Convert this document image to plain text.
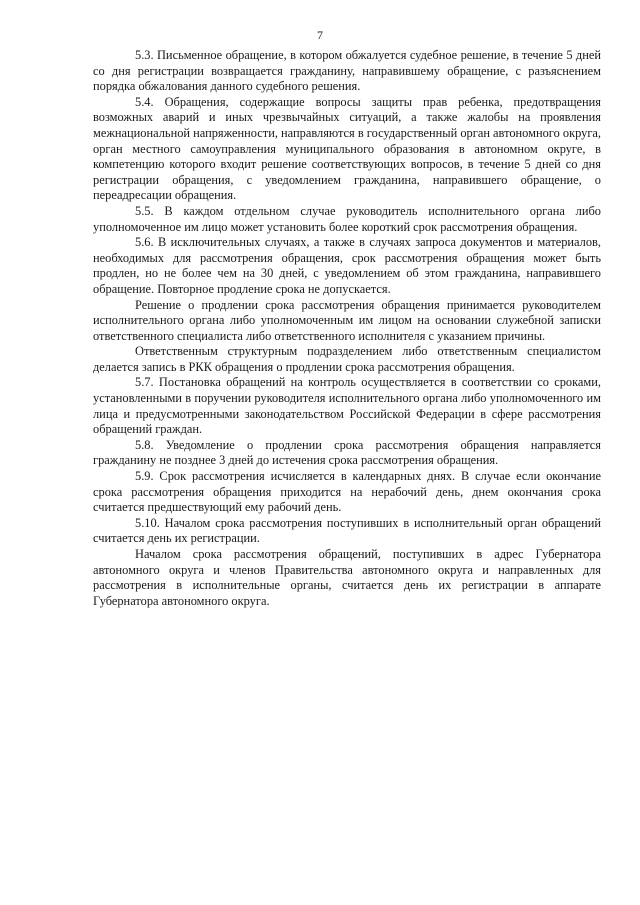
7

5.3. Письменное обращение, в котором обжалуется судебное решение, в течение 5 дней со дня регистрации возвращается гражданину, направившему обращение, с разъяснением порядка обжалования данного судебного решения.

5.4. Обращения, содержащие вопросы защиты прав ребенка, предотвращения возможных аварий и иных чрезвычайных ситуаций, а также жалобы на проявления межнациональной напряженности, направляются в государственный орган автономного округа, орган местного самоуправления муниципального образования в автономном округе, в компетенцию которого входит решение соответствующих вопросов, в течение 5 дней со дня регистрации обращения, с уведомлением гражданина, направившего обращение, о переадресации обращения.

5.5. В каждом отдельном случае руководитель исполнительного органа либо уполномоченное им лицо может установить более короткий срок рассмотрения обращения.

5.6. В исключительных случаях, а также в случаях запроса документов и материалов, необходимых для рассмотрения обращения, срок рассмотрения обращения может быть продлен, но не более чем на 30 дней, с уведомлением об этом гражданина, направившего обращение. Повторное продление срока не допускается.

Решение о продлении срока рассмотрения обращения принимается руководителем исполнительного органа либо уполномоченным им лицом на основании служебной записки ответственного специалиста либо ответственного исполнителя с указанием причины.

Ответственным структурным подразделением либо ответственным специалистом делается запись в РКК обращения о продлении срока рассмотрения обращения.

5.7. Постановка обращений на контроль осуществляется в соответствии со сроками, установленными в поручении руководителя исполнительного органа либо уполномоченного им лица и предусмотренными законодательством Российской Федерации в сфере рассмотрения обращений граждан.

5.8. Уведомление о продлении срока рассмотрения обращения направляется гражданину не позднее 3 дней до истечения срока рассмотрения обращения.

5.9. Срок рассмотрения исчисляется в календарных днях. В случае если окончание срока рассмотрения обращения приходится на нерабочий день, днем окончания срока считается предшествующий ему рабочий день.

5.10. Началом срока рассмотрения поступивших в исполнительный орган обращений считается день их регистрации.

Началом срока рассмотрения обращений, поступивших в адрес Губернатора автономного округа и членов Правительства автономного округа и направленных для рассмотрения в исполнительные органы, считается день их регистрации в аппарате Губернатора автономного округа.
